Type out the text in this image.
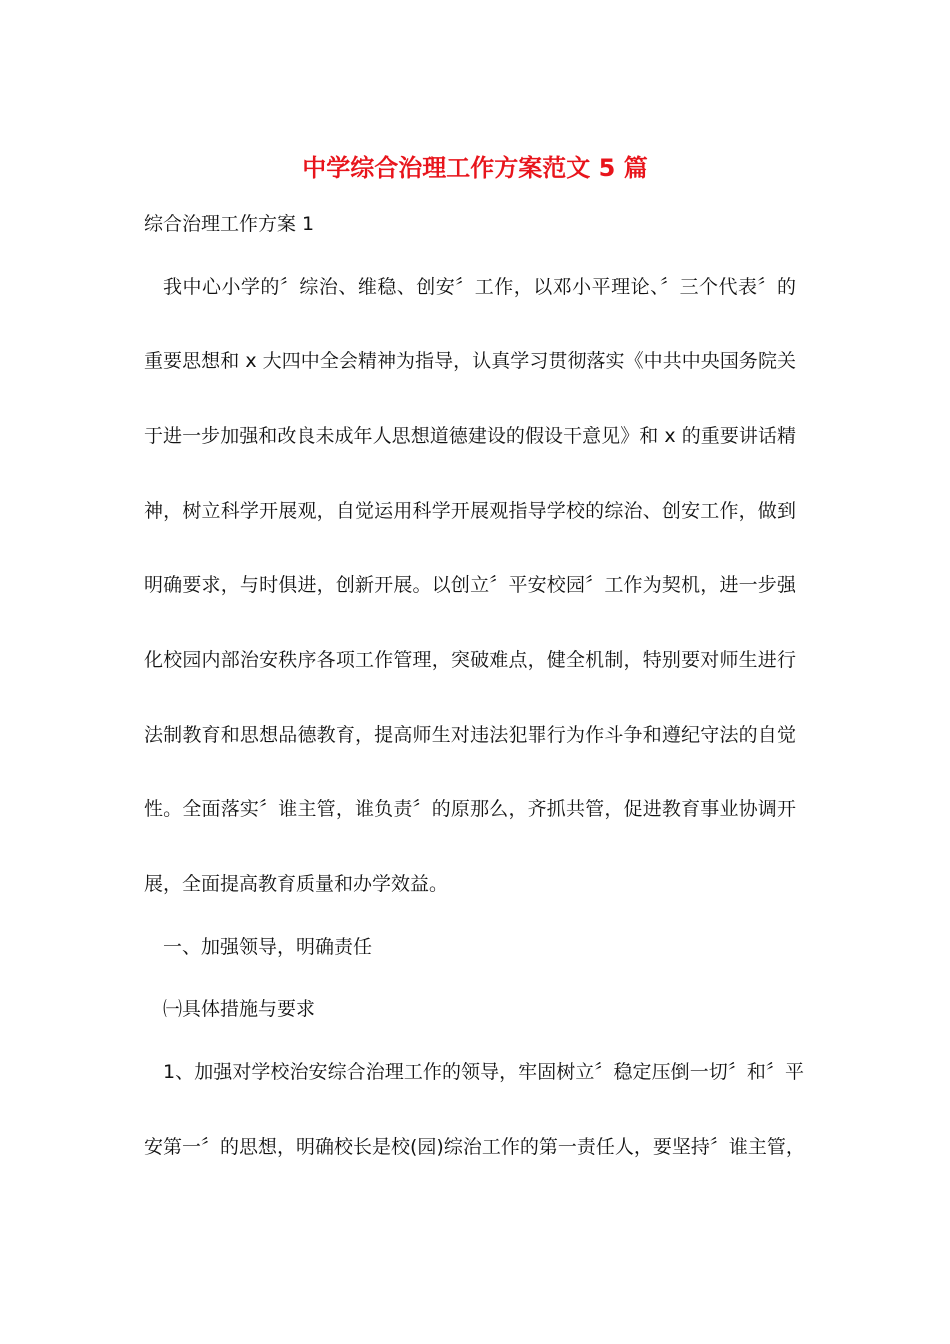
中学综合治理工作方案范文 5 篇
综合治理工作方案 1
我中心小学的〞综治、维稳、创安〞工作，以邓小平理论、〞三个代表〞的
重要思想和 x 大四中全会精神为指导，认真学习贯彻落实《中共中央国务院关
于进一步加强和改良未成年人思想道德建设的假设干意见》和 x 的重要讲话精
神，树立科学开展观，自觉运用科学开展观指导学校的综治、创安工作，做到
明确要求，与时俱进，创新开展。以创立〞平安校园〞工作为契机，进一步强
化校园内部治安秩序各项工作管理，突破难点，健全机制，特别要对师生进行
法制教育和思想品德教育，提高师生对违法犯罪行为作斗争和遵纪守法的自觉
性。全面落实〞谁主管，谁负责〞的原那么，齐抓共管，促进教育事业协调开
展，全面提高教育质量和办学效益。
一、加强领导，明确责任
㈠具体措施与要求
1、加强对学校治安综合治理工作的领导，牢固树立〞稳定压倒一切〞和〞平
安第一〞的思想，明确校长是校(园)综治工作的第一责任人，要坚持〞谁主管，
